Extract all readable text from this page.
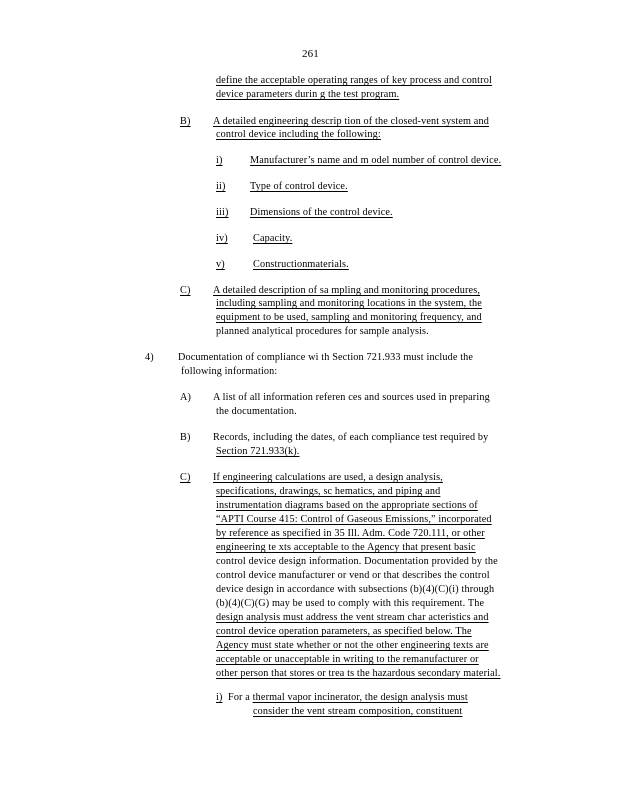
261
define the acceptable operating ranges of key process and control
device parameters durin g the test program.
B) A detailed engineering descrip tion of the closed-vent system and
control device including the following:
i)	Manufacturer’s name and m odel number of control device.
ii) Type of control device.
iii) Dimensions of the control device.
iv) Capacity.
v)	Constructionmaterials.
C) A detailed description of sa mpling and monitoring procedures,
including sampling and monitoring locations in the system, the
equipment to be used, sampling and monitoring frequency, and
planned analytical procedures for sample analysis.
4) Documentation of compliance wi th Section 721.933 must include the
following information:
A) A list of all information referen ces and sources used in preparing
the documentation.
B) Records, including the dates, of each compliance test required by
Section 721.933(k).
C) If engineering calculations are used, a design analysis,
specifications, drawings, sc hematics, and piping and
instrumentation diagrams based on the appropriate sections of
“APTI Course 415: Control of Gaseous Emissions,” incorporated
by reference as specified in 35 Ill. Adm. Code 720.111, or other
engineering te xts acceptable to the Agency that present basic
control device design information. Documentation provided by the
control device manufacturer or vend or that describes the control
device design in accordance with subsections (b)(4)(C)(i) through
(b)(4)(C)(G) may be used to comply with this requirement. The
design analysis must address the vent stream char acteristics and
control device operation parameters, as specified below. The
Agency must state whether or not the other engineering texts are
acceptable or unacceptable in writing to the remanufacturer or
other person that stores or trea ts the hazardous secondary material.
i) For a thermal vapor incinerator, the design analysis must
consider the vent stream composition, constituent
